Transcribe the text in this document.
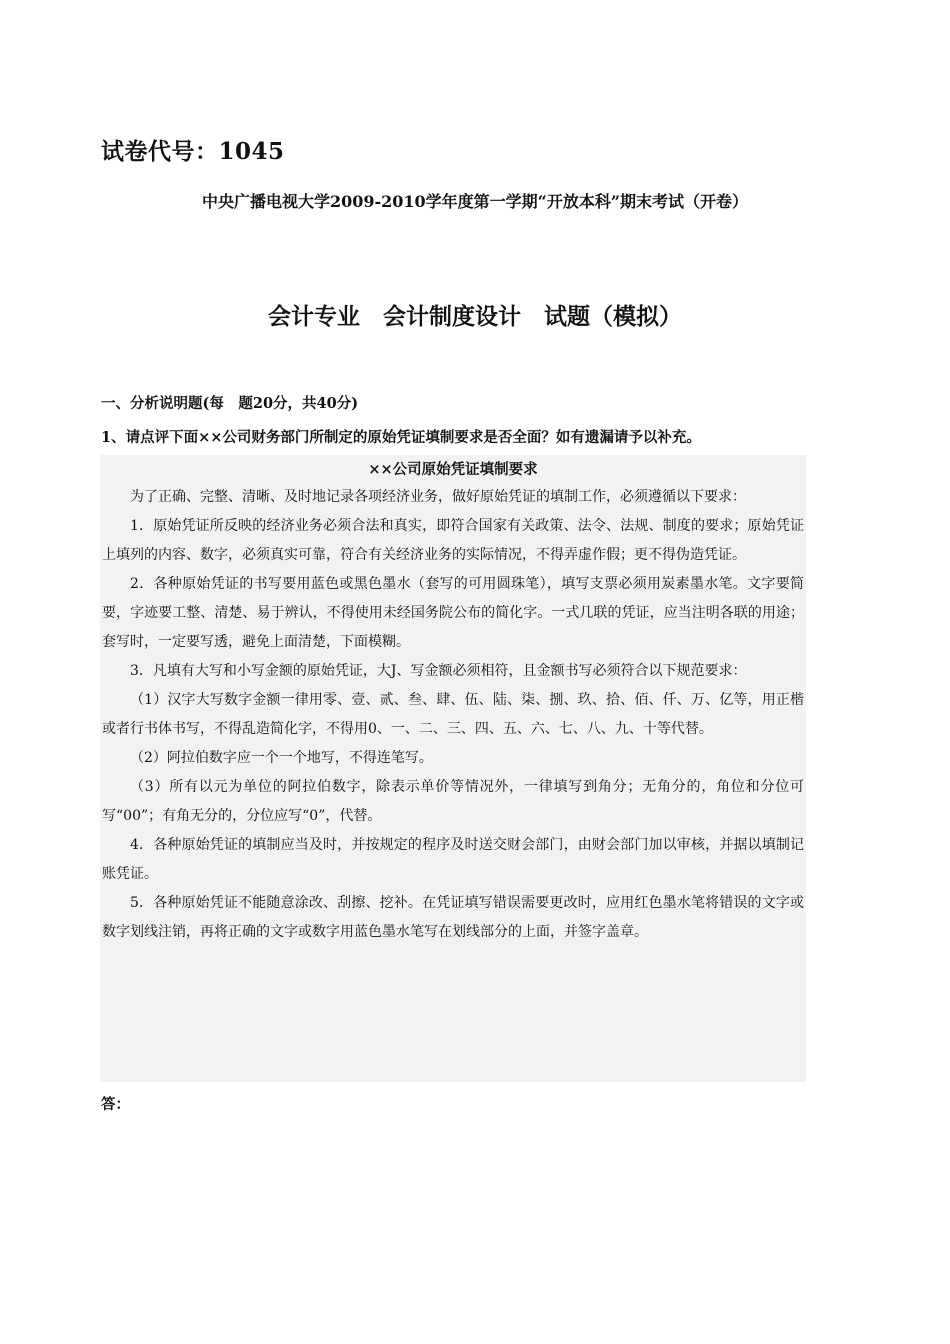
试卷代号：1045
中央广播电视大学2009-2010学年度第一学期“开放本科”期末考试（开卷）
会计专业　会计制度设计　试题（模拟）
一、分析说明题(每　题20分，共40分)
1、请点评下面××公司财务部门所制定的原始凭证填制要求是否全面？如有遗漏请予以补充。
××公司原始凭证填制要求

为了正确、完整、清晰、及时地记录各项经济业务，做好原始凭证的填制工作，必须遵循以下要求：

1．原始凭证所反映的经济业务必须合法和真实，即符合国家有关政策、法令、法规、制度的要求；原始凭证上填列的内容、数字，必须真实可靠，符合有关经济业务的实际情况，不得弄虚作假；更不得伪造凭证。

2．各种原始凭证的书写要用蓝色或黑色墨水（套写的可用圆珠笔），填写支票必须用炭素墨水笔。文字要简要，字迹要工整、清楚、易于辨认，不得使用未经国务院公布的简化字。一式几联的凭证，应当注明各联的用途；套写时，一定要写透，避免上面清楚，下面模糊。

3．凡填有大写和小写金额的原始凭证，大J、写金额必须相符，且金额书写必须符合以下规范要求：

（1）汉字大写数字金额一律用零、壹、贰、叁、肆、伍、陆、柒、捌、玖、拾、佰、仟、万、亿等，用正楷或者行书体书写，不得乱造简化字，不得用0、一、二、三、四、五、六、七、八、九、十等代替。

（2）阿拉伯数字应一个一个地写，不得连笔写。

（3）所有以元为单位的阿拉伯数字，除表示单价等情况外，一律填写到角分；无角分的，角位和分位可写“00”；有角无分的，分位应写“0”，代替。

4．各种原始凭证的填制应当及时，并按规定的程序及时送交财会部门，由财会部门加以审核，并据以填制记账凭证。

5．各种原始凭证不能随意涂改、刮擦、挖补。在凭证填写错误需要更改时，应用红色墨水笔将错误的文字或数字划线注销，再将正确的文字或数字用蓝色墨水笔写在划线部分的上面，并签字盖章。

答：
